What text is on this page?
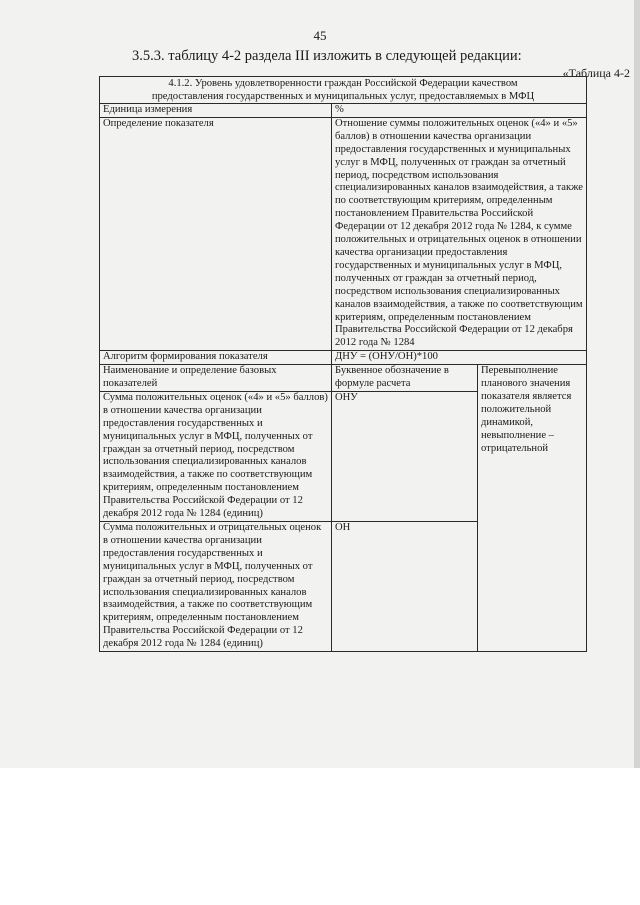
45
3.5.3. таблицу 4-2 раздела III изложить в следующей редакции:
«Таблица 4-2
4.1.2. Уровень удовлетворенности граждан Российской Федерации качеством
предоставления государственных и муниципальных услуг, предоставляемых в МФЦ		
Единица измерения	%	
Определение показателя	Отношение суммы положительных оценок («4» и «5» баллов) в отношении качества организации предоставления государственных и муниципальных услуг в МФЦ, полученных от граждан за отчетный период, посредством использования специализированных каналов взаимодействия, а также по соответствующим критериям, определенным постановлением Правительства Российской Федерации от 12 декабря 2012 года № 1284, к сумме положительных и отрицательных оценок в отношении качества организации предоставления государственных и муниципальных услуг в МФЦ, полученных от граждан за отчетный период, посредством использования специализированных каналов взаимодействия, а также по соответствующим критериям, определенным постановлением Правительства Российской Федерации от 12 декабря 2012 года № 1284	
Алгоритм формирования показателя	ДНУ = (ОНУ/ОН)*100	
Наименование и определение базовых показателей	Буквенное обозначение в формуле расчета	Перевыполнение планового значения показателя является положительной динамикой, невыполнение – отрицательной
Сумма положительных оценок («4» и «5» баллов) в отношении качества организации предоставления государственных и муниципальных услуг в МФЦ, полученных от граждан за отчетный период, посредством использования специализированных каналов взаимодействия, а также по соответствующим критериям, определенным постановлением Правительства Российской Федерации от 12 декабря 2012 года № 1284 (единиц)	ОНУ	
Сумма положительных и отрицательных оценок в отношении качества организации предоставления государственных и муниципальных услуг в МФЦ, полученных от граждан за отчетный период, посредством использования специализированных каналов взаимодействия, а также по соответствующим критериям, определенным постановлением Правительства Российской Федерации от 12 декабря 2012 года № 1284 (единиц)	ОН	
